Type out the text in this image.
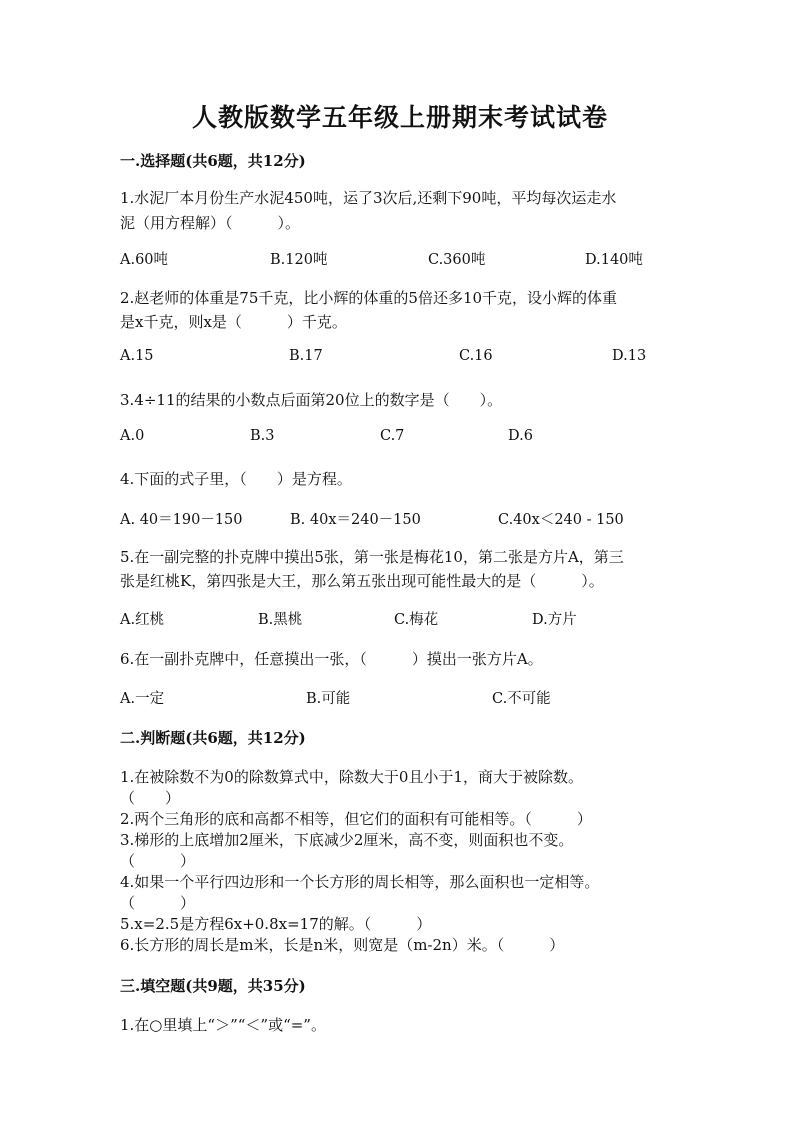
人教版数学五年级上册期末考试试卷
一.选择题(共6题，共12分)
1.水泥厂本月份生产水泥450吨，运了3次后,还剩下90吨，平均每次运走水
泥（用方程解）（　　　）。
A.60吨	B.120吨	C.360吨	D.140吨
2.赵老师的体重是75千克，比小辉的体重的5倍还多10千克，设小辉的体重
是x千克，则x是（　　　）千克。
A.15	B.17	C.16	D.13
3.4÷11的结果的小数点后面第20位上的数字是（　　）。
A.0	B.3	C.7	D.6
4.下面的式子里，（　　）是方程。
A. 40＝190－150	B. 40x＝240－150	C.40x＜240 - 150
5.在一副完整的扑克牌中摸出5张，第一张是梅花10，第二张是方片A，第三
张是红桃K，第四张是大王，那么第五张出现可能性最大的是（　　　）。
A.红桃	B.黑桃	C.梅花	D.方片
6.在一副扑克牌中，任意摸出一张，（　　　）摸出一张方片A。
A.一定	B.可能	C.不可能
二.判断题(共6题，共12分)
1.在被除数不为0的除数算式中，除数大于0且小于1，商大于被除数。
（　　）
2.两个三角形的底和高都不相等，但它们的面积有可能相等。（　　　）
3.梯形的上底增加2厘米，下底减少2厘米，高不变，则面积也不变。
（　　　）
4.如果一个平行四边形和一个长方形的周长相等，那么面积也一定相等。
（　　　）
5.x=2.5是方程6x+0.8x=17的解。（　　　）
6.长方形的周长是m米，长是n米，则宽是（m-2n）米。（　　　）
三.填空题(共9题，共35分)
1.在○里填上“＞”“＜”或“=”。
